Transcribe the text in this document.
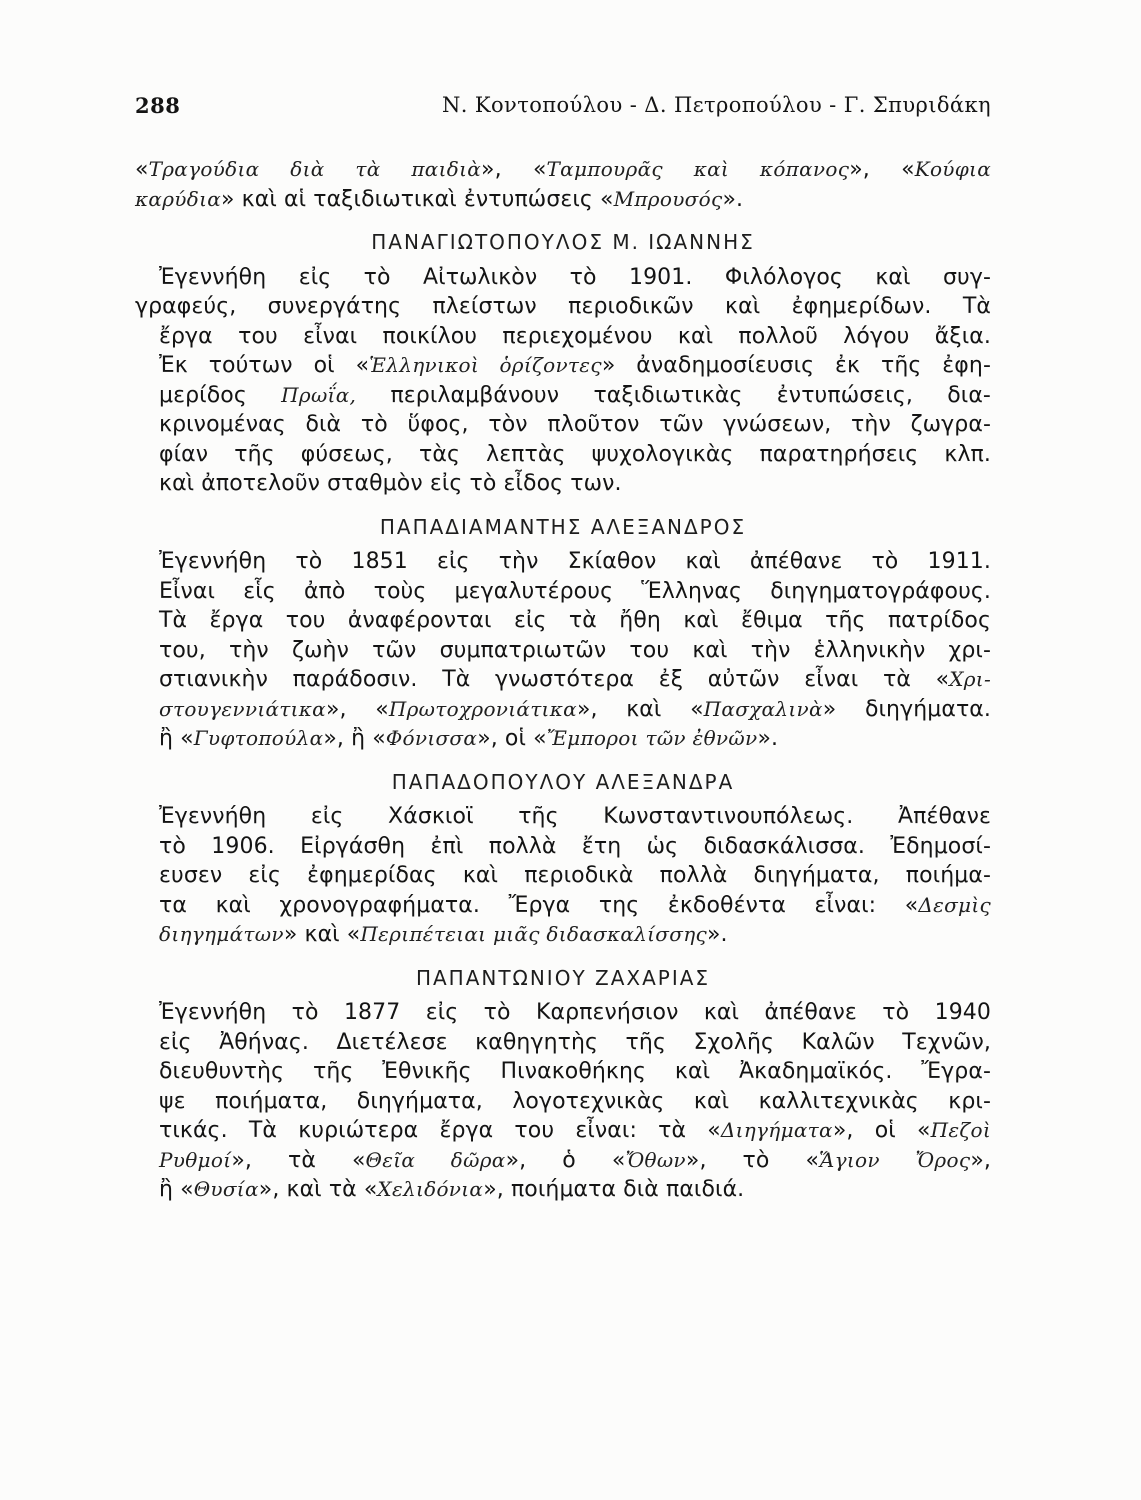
288	Ν. Κοντοπούλου - Δ. Πετροπούλου - Γ. Σπυριδάκη
«Τραγούδια διὰ τὰ παιδιὰ», «Ταμπουρᾶς καὶ κόπανος», «Κούφια
καρύδια» καὶ αἱ ταξιδιωτικαὶ ἐντυπώσεις «Μπρουσός».
ΠΑΝΑΓΙΩΤΟΠΟΥΛΟΣ Μ. ΙΩΑΝΝΗΣ
Ἐγεννήθη εἰς τὸ Αἰτωλικὸν τὸ 1901. Φιλόλογος καὶ συγ-
γραφεύς, συνεργάτης πλείστων περιοδικῶν καὶ ἐφημερίδων. Τὰ
ἔργα του εἶναι ποικίλου περιεχομένου καὶ πολλοῦ λόγου ἄξια.
Ἐκ τούτων οἱ «Ἑλληνικοὶ ὁρίζοντες» ἀναδημοσίευσις ἐκ τῆς ἐφη-
μερίδος Πρωΐα, περιλαμβάνουν ταξιδιωτικὰς ἐντυπώσεις, δια-
κρινομένας διὰ τὸ ὕφος, τὸν πλοῦτον τῶν γνώσεων, τὴν ζωγρα-
φίαν τῆς φύσεως, τὰς λεπτὰς ψυχολογικὰς παρατηρήσεις κλπ.
καὶ ἀποτελοῦν σταθμὸν εἰς τὸ εἶδος των.
ΠΑΠΑΔΙΑΜΑΝΤΗΣ ΑΛΕΞΑΝΔΡΟΣ
Ἐγεννήθη τὸ 1851 εἰς τὴν Σκίαθον καὶ ἀπέθανε τὸ 1911.
Εἶναι εἷς ἀπὸ τοὺς μεγαλυτέρους Ἕλληνας διηγηματογράφους.
Τὰ ἔργα του ἀναφέρονται εἰς τὰ ἤθη καὶ ἔθιμα τῆς πατρίδος
του, τὴν ζωὴν τῶν συμπατριωτῶν του καὶ τὴν ἑλληνικὴν χρι-
στιανικὴν παράδοσιν. Τὰ γνωστότερα ἐξ αὐτῶν εἶναι τὰ «Χρι-
στουγεννιάτικα», «Πρωτοχρονιάτικα», καὶ «Πασχαλινὰ» διηγήματα.
ἢ «Γυφτοπούλα», ἢ «Φόνισσα», οἱ «Ἔμποροι τῶν ἐθνῶν».
ΠΑΠΑΔΟΠΟΥΛΟΥ ΑΛΕΞΑΝΔΡΑ
Ἐγεννήθη εἰς Χάσκιοϊ τῆς Κωνσταντινουπόλεως. Ἀπέθανε
τὸ 1906. Εἰργάσθη ἐπὶ πολλὰ ἔτη ὡς διδασκάλισσα. Ἐδημοσί-
ευσεν εἰς ἐφημερίδας καὶ περιοδικὰ πολλὰ διηγήματα, ποιήμα-
τα καὶ χρονογραφήματα. Ἔργα της ἐκδοθέντα εἶναι: «Δεσμὶς
διηγημάτων» καὶ «Περιπέτειαι μιᾶς διδασκαλίσσης».
ΠΑΠΑΝΤΩΝΙΟΥ ΖΑΧΑΡΙΑΣ
Ἐγεννήθη τὸ 1877 εἰς τὸ Καρπενήσιον καὶ ἀπέθανε τὸ 1940
εἰς Ἀθήνας. Διετέλεσε καθηγητὴς τῆς Σχολῆς Καλῶν Τεχνῶν,
διευθυντὴς τῆς Ἐθνικῆς Πινακοθήκης καὶ Ἀκαδημαϊκός. Ἔγρα-
ψε ποιήματα, διηγήματα, λογοτεχνικὰς καὶ καλλιτεχνικὰς κρι-
τικάς. Τὰ κυριώτερα ἔργα του εἶναι: τὰ «Διηγήματα», οἱ «Πεζοὶ
Ρυθμοί», τὰ «Θεῖα δῶρα», ὁ «Ὄθων», τὸ «Ἅγιον Ὄρος»,
ἢ «Θυσία», καὶ τὰ «Χελιδόνια», ποιήματα διὰ παιδιά.
